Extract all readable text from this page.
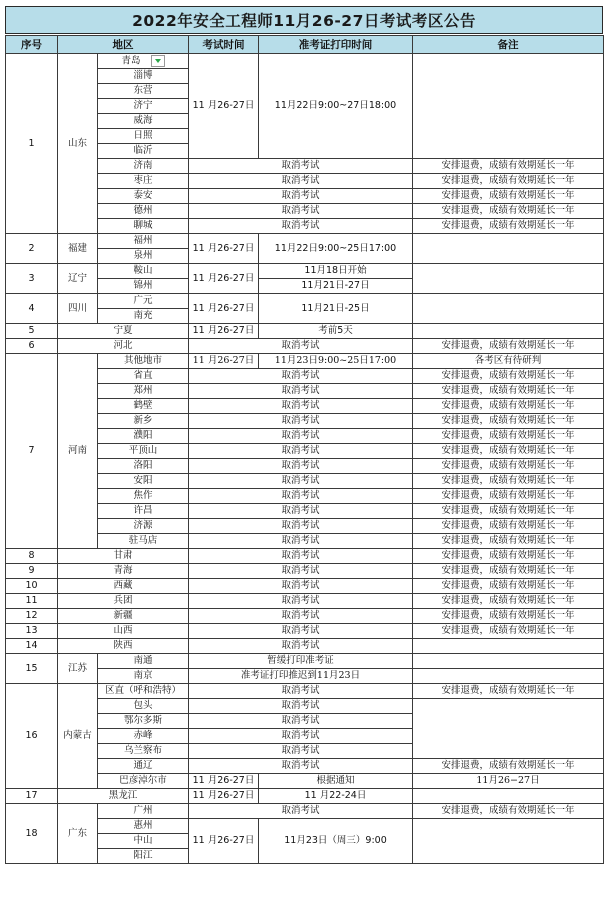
2022年安全工程师11月26-27日考试考区公告
序号	地区		考试时间	准考证打印时间	备注
1	山东	青岛	11 月26-27日	11月22日9:00~27日18:00	
		淄博			
		东营			
		济宁			
		威海			
		日照			
		临沂			
		济南	取消考试		安排退费，成绩有效期延长一年
		枣庄	取消考试		安排退费，成绩有效期延长一年
		泰安	取消考试		安排退费，成绩有效期延长一年
		德州	取消考试		安排退费，成绩有效期延长一年
		聊城	取消考试		安排退费，成绩有效期延长一年
2	福建	福州	11 月26-27日	11月22日9:00~25日17:00	
		泉州			
3	辽宁	鞍山	11 月26-27日	11月18日开始	
		锦州		11月21日-27日	
4	四川	广元	11 月26-27日	11月21日-25日	
		南充			
5	宁夏		11 月26-27日	考前5天	
6	河北		取消考试		安排退费，成绩有效期延长一年
7	河南	其他地市	11 月26-27日	11月23日9:00~25日17:00	各考区有待研判
		省直	取消考试		安排退费，成绩有效期延长一年
		郑州	取消考试		安排退费，成绩有效期延长一年
		鹤壁	取消考试		安排退费，成绩有效期延长一年
		新乡	取消考试		安排退费，成绩有效期延长一年
		濮阳	取消考试		安排退费，成绩有效期延长一年
		平顶山	取消考试		安排退费，成绩有效期延长一年
		洛阳	取消考试		安排退费，成绩有效期延长一年
		安阳	取消考试		安排退费，成绩有效期延长一年
		焦作	取消考试		安排退费，成绩有效期延长一年
		许昌	取消考试		安排退费，成绩有效期延长一年
		济源	取消考试		安排退费，成绩有效期延长一年
		驻马店	取消考试		安排退费，成绩有效期延长一年
8	甘肃		取消考试		安排退费，成绩有效期延长一年
9	青海		取消考试		安排退费，成绩有效期延长一年
10	西藏		取消考试		安排退费，成绩有效期延长一年
11	兵团		取消考试		安排退费，成绩有效期延长一年
12	新疆		取消考试		安排退费，成绩有效期延长一年
13	山西		取消考试		安排退费，成绩有效期延长一年
14	陕西		取消考试		
15	江苏	南通	暂缓打印准考证		
		南京	准考证打印推迟到11月23日		
16	内蒙古	区直（呼和浩特）	取消考试		安排退费，成绩有效期延长一年
		包头	取消考试		
		鄂尔多斯	取消考试		
		赤峰	取消考试		
		乌兰察布	取消考试		
		通辽	取消考试		安排退费，成绩有效期延长一年
		巴彦淖尔市	11 月26-27日	根据通知	11月26−27日
17	黑龙江		11 月26-27日	11 月22-24日	
18	广东	广州	取消考试		安排退费，成绩有效期延长一年
		惠州	11 月26-27日	11月23日（周三）9:00	
		中山			
		阳江			
